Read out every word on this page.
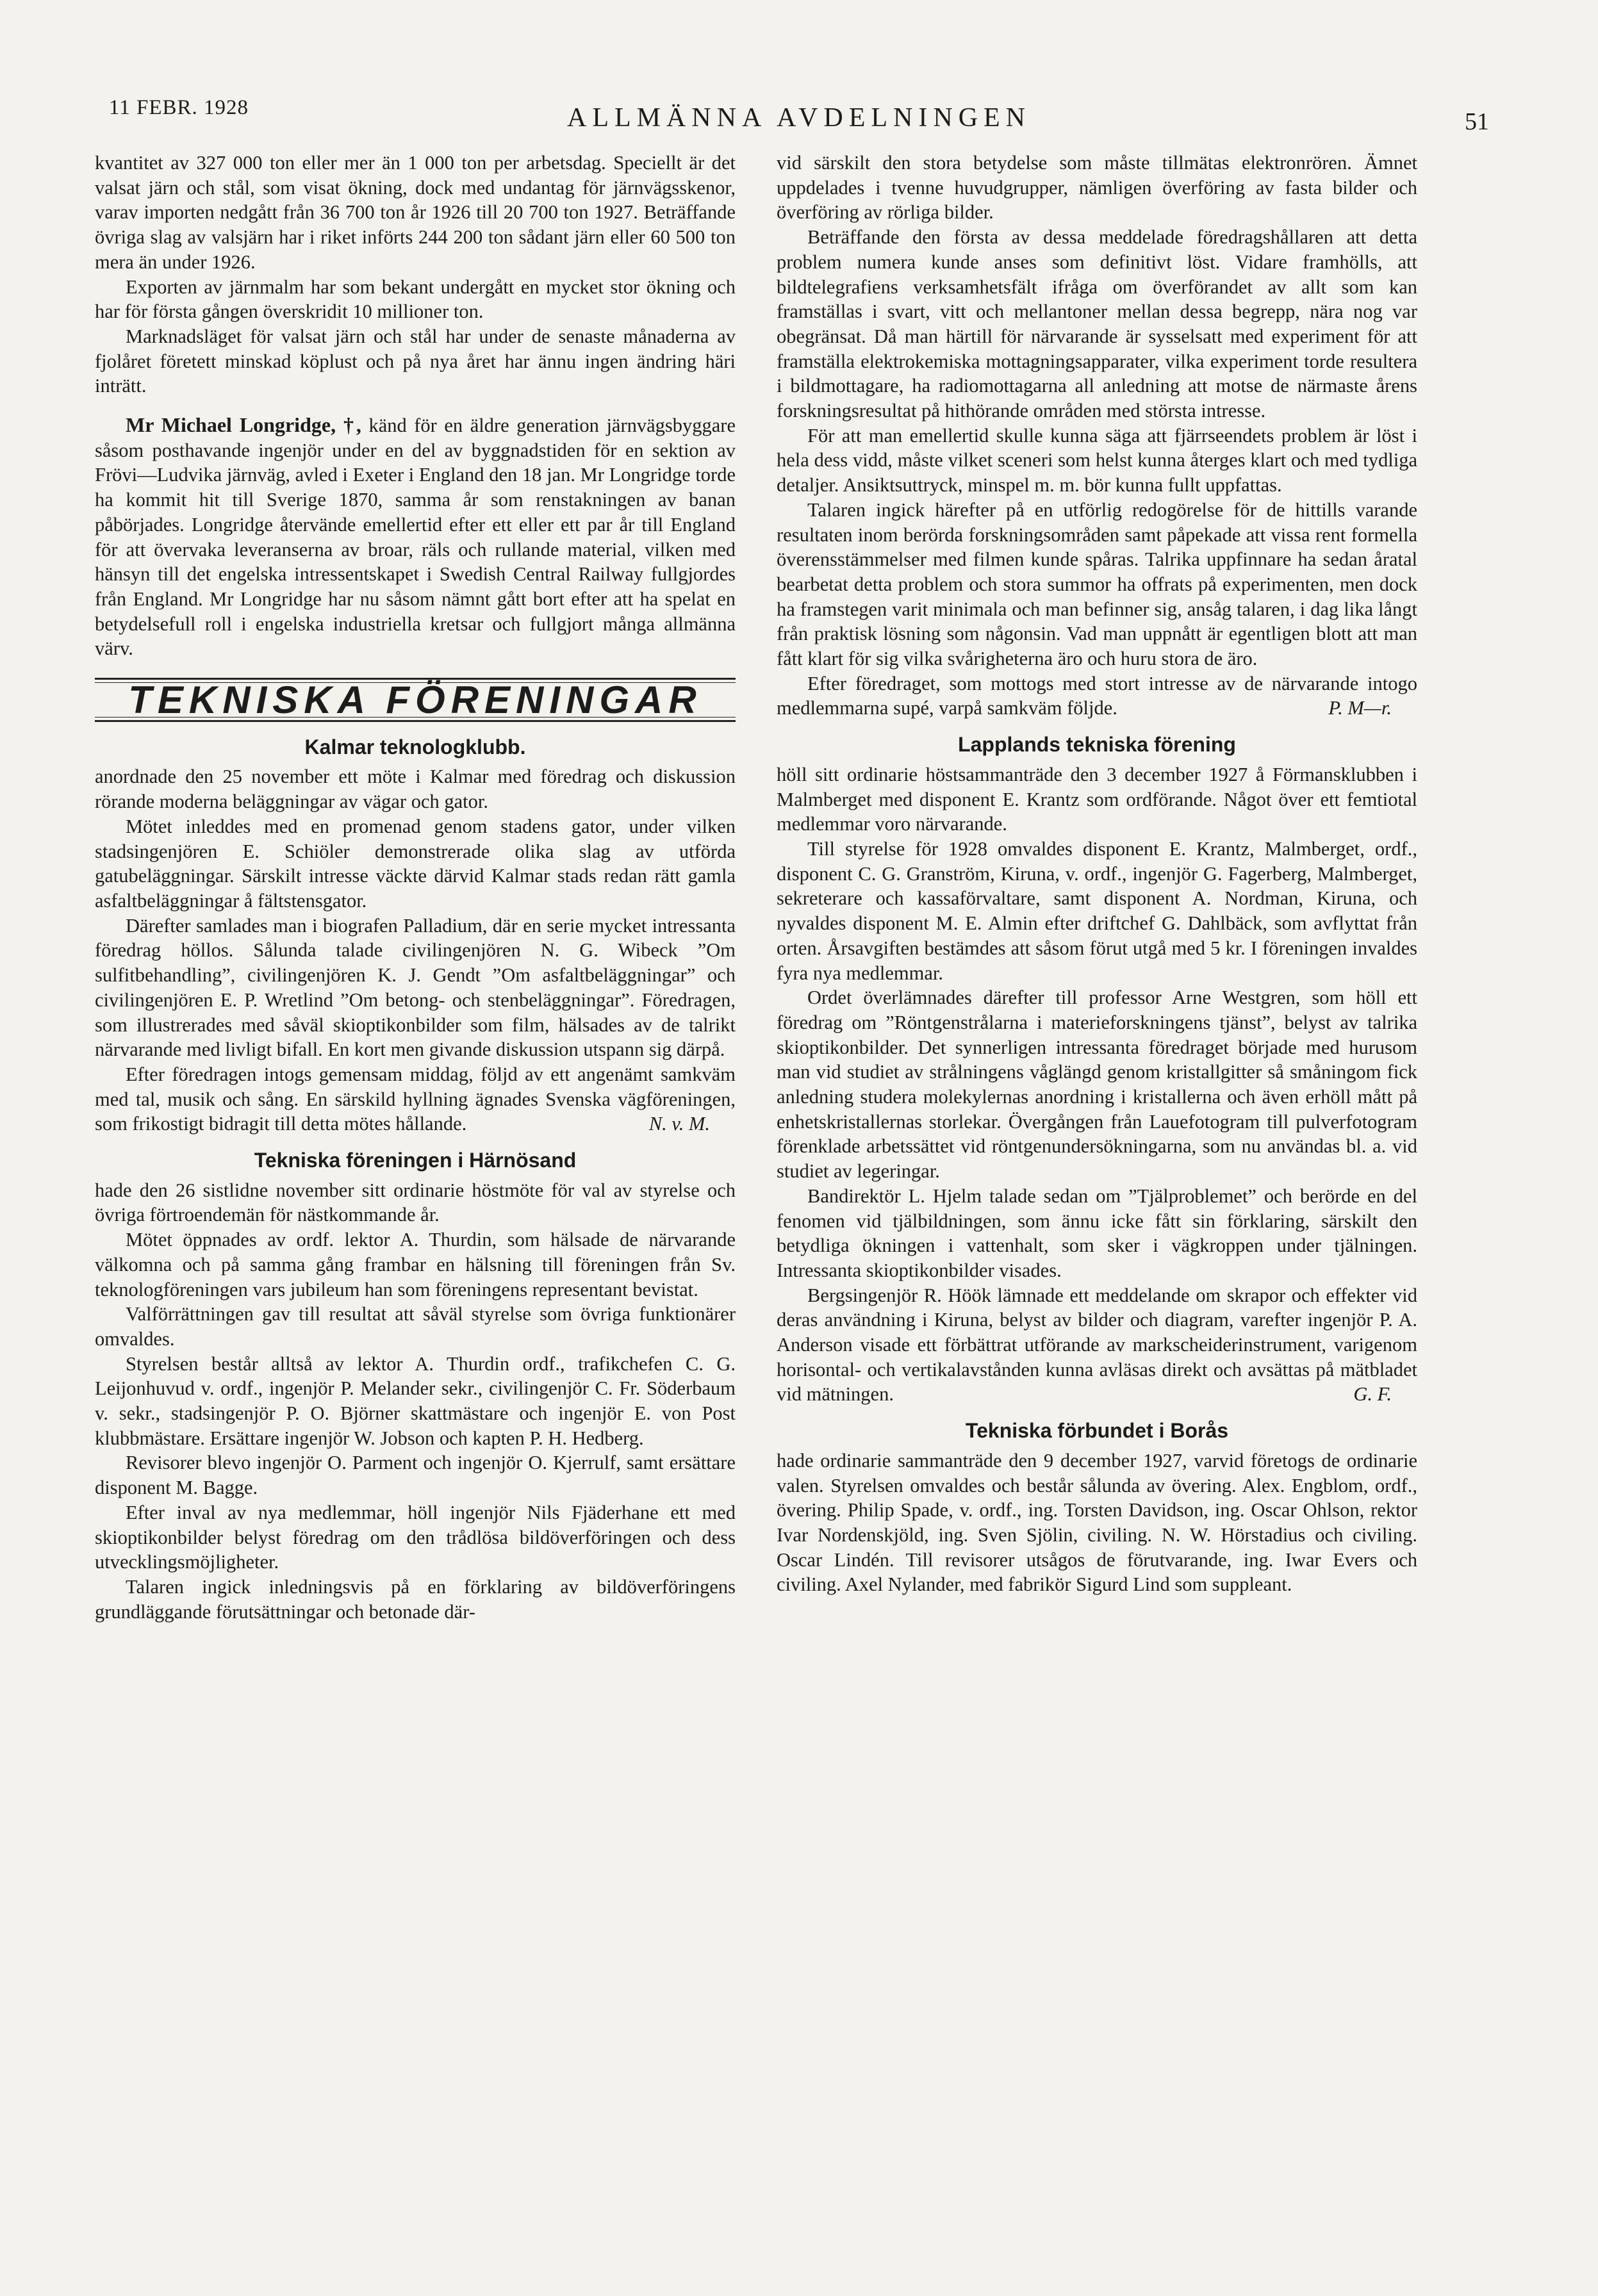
11 FEBR. 1928	ALLMÄNNA AVDELNINGEN	51

kvantitet av 327 000 ton eller mer än 1 000 ton per arbetsdag. Speciellt är det valsat järn och stål, som visat ökning, dock med undantag för järnvägsskenor, varav importen nedgått från 36 700 ton år 1926 till 20 700 ton 1927. Beträffande övriga slag av valsjärn har i riket införts 244 200 ton sådant järn eller 60 500 ton mera än under 1926.

Exporten av järnmalm har som bekant undergått en mycket stor ökning och har för första gången överskridit 10 millioner ton.

Marknadsläget för valsat järn och stål har under de senaste månaderna av fjolåret företett minskad köplust och på nya året har ännu ingen ändring häri inträtt.

Mr Michael Longridge, †, känd för en äldre generation järnvägsbyggare såsom posthavande ingenjör under en del av byggnadstiden för en sektion av Frövi—Ludvika järnväg, avled i Exeter i England den 18 jan. Mr Longridge torde ha kommit hit till Sverige 1870, samma år som renstakningen av banan påbörjades. Longridge återvände emellertid efter ett eller ett par år till England för att övervaka leveranserna av broar, räls och rullande material, vilken med hänsyn till det engelska intressentskapet i Swedish Central Railway fullgjordes från England. Mr Longridge har nu såsom nämnt gått bort efter att ha spelat en betydelsefull roll i engelska industriella kretsar och fullgjort många allmänna värv.

TEKNISKA FÖRENINGAR
Kalmar teknologklubb.

anordnade den 25 november ett möte i Kalmar med föredrag och diskussion rörande moderna beläggningar av vägar och gator.

Mötet inleddes med en promenad genom stadens gator, under vilken stadsingenjören E. Schiöler demonstrerade olika slag av utförda gatubeläggningar. Särskilt intresse väckte därvid Kalmar stads redan rätt gamla asfaltbeläggningar å fältstensgator.

Därefter samlades man i biografen Palladium, där en serie mycket intressanta föredrag höllos. Sålunda talade civilingenjören N. G. Wibeck ”Om sulfitbehandling”, civilingenjören K. J. Gendt ”Om asfaltbeläggningar” och civilingenjören E. P. Wretlind ”Om betong- och stenbeläggningar”. Föredragen, som illustrerades med såväl skioptikonbilder som film, hälsades av de talrikt närvarande med livligt bifall. En kort men givande diskussion utspann sig därpå.

Efter föredragen intogs gemensam middag, följd av ett angenämt samkväm med tal, musik och sång. En särskild hyllning ägnades Svenska vägföreningen, som frikostigt bidragit till detta mötes hållande.	N. v. M.

Tekniska föreningen i Härnösand

hade den 26 sistlidne november sitt ordinarie höstmöte för val av styrelse och övriga förtroendemän för nästkommande år.

Mötet öppnades av ordf. lektor A. Thurdin, som hälsade de närvarande välkomna och på samma gång frambar en hälsning till föreningen från Sv. teknologföreningen vars jubileum han som föreningens representant bevistat.

Valförrättningen gav till resultat att såväl styrelse som övriga funktionärer omvaldes.

Styrelsen består alltså av lektor A. Thurdin ordf., trafikchefen C. G. Leijonhuvud v. ordf., ingenjör P. Melander sekr., civilingenjör C. Fr. Söderbaum v. sekr., stadsingenjör P. O. Björner skattmästare och ingenjör E. von Post klubbmästare. Ersättare ingenjör W. Jobson och kapten P. H. Hedberg.

Revisorer blevo ingenjör O. Parment och ingenjör O. Kjerrulf, samt ersättare disponent M. Bagge.

Efter inval av nya medlemmar, höll ingenjör Nils Fjäderhane ett med skioptikonbilder belyst föredrag om den trådlösa bildöverföringen och dess utvecklingsmöjligheter.

Talaren ingick inledningsvis på en förklaring av bildöverföringens grundläggande förutsättningar och betonade där-

vid särskilt den stora betydelse som måste tillmätas elektronrören. Ämnet uppdelades i tvenne huvudgrupper, nämligen överföring av fasta bilder och överföring av rörliga bilder.

Beträffande den första av dessa meddelade föredragshållaren att detta problem numera kunde anses som definitivt löst. Vidare framhölls, att bildtelegrafiens verksamhetsfält ifråga om överförandet av allt som kan framställas i svart, vitt och mellantoner mellan dessa begrepp, nära nog var obegränsat. Då man härtill för närvarande är sysselsatt med experiment för att framställa elektrokemiska mottagningsapparater, vilka experiment torde resultera i bildmottagare, ha radiomottagarna all anledning att motse de närmaste årens forskningsresultat på hithörande områden med största intresse.

För att man emellertid skulle kunna säga att fjärrseendets problem är löst i hela dess vidd, måste vilket sceneri som helst kunna återges klart och med tydliga detaljer. Ansiktsuttryck, minspel m. m. bör kunna fullt uppfattas.

Talaren ingick härefter på en utförlig redogörelse för de hittills varande resultaten inom berörda forskningsområden samt påpekade att vissa rent formella överensstämmelser med filmen kunde spåras. Talrika uppfinnare ha sedan åratal bearbetat detta problem och stora summor ha offrats på experimenten, men dock ha framstegen varit minimala och man befinner sig, ansåg talaren, i dag lika långt från praktisk lösning som någonsin. Vad man uppnått är egentligen blott att man fått klart för sig vilka svårigheterna äro och huru stora de äro.

Efter föredraget, som mottogs med stort intresse av de närvarande intogo medlemmarna supé, varpå samkväm följde.	P. M—r.

Lapplands tekniska förening

höll sitt ordinarie höstsammanträde den 3 december 1927 å Förmansklubben i Malmberget med disponent E. Krantz som ordförande. Något över ett femtiotal medlemmar voro närvarande.

Till styrelse för 1928 omvaldes disponent E. Krantz, Malmberget, ordf., disponent C. G. Granström, Kiruna, v. ordf., ingenjör G. Fagerberg, Malmberget, sekreterare och kassaförvaltare, samt disponent A. Nordman, Kiruna, och nyvaldes disponent M. E. Almin efter driftchef G. Dahlbäck, som avflyttat från orten. Årsavgiften bestämdes att såsom förut utgå med 5 kr. I föreningen invaldes fyra nya medlemmar.

Ordet överlämnades därefter till professor Arne Westgren, som höll ett föredrag om ”Röntgenstrålarna i materieforskningens tjänst”, belyst av talrika skioptikonbilder. Det synnerligen intressanta föredraget började med hurusom man vid studiet av strålningens våglängd genom kristallgitter så småningom fick anledning studera molekylernas anordning i kristallerna och även erhöll mått på enhetskristallernas storlekar. Övergången från Lauefotogram till pulverfotogram förenklade arbetssättet vid röntgenundersökningarna, som nu användas bl. a. vid studiet av legeringar.

Bandirektör L. Hjelm talade sedan om ”Tjälproblemet” och berörde en del fenomen vid tjälbildningen, som ännu icke fått sin förklaring, särskilt den betydliga ökningen i vattenhalt, som sker i vägkroppen under tjälningen. Intressanta skioptikonbilder visades.

Bergsingenjör R. Höök lämnade ett meddelande om skrapor och effekter vid deras användning i Kiruna, belyst av bilder och diagram, varefter ingenjör P. A. Anderson visade ett förbättrat utförande av markscheiderinstrument, varigenom horisontal- och vertikalavstånden kunna avläsas direkt och avsättas på mätbladet vid mätningen.	G. F.

Tekniska förbundet i Borås

hade ordinarie sammanträde den 9 december 1927, varvid företogs de ordinarie valen. Styrelsen omvaldes och består sålunda av övering. Alex. Engblom, ordf., övering. Philip Spade, v. ordf., ing. Torsten Davidson, ing. Oscar Ohlson, rektor Ivar Nordenskjöld, ing. Sven Sjölin, civiling. N. W. Hörstadius och civiling. Oscar Lindén. Till revisorer utsågos de förutvarande, ing. Iwar Evers och civiling. Axel Nylander, med fabrikör Sigurd Lind som suppleant.
